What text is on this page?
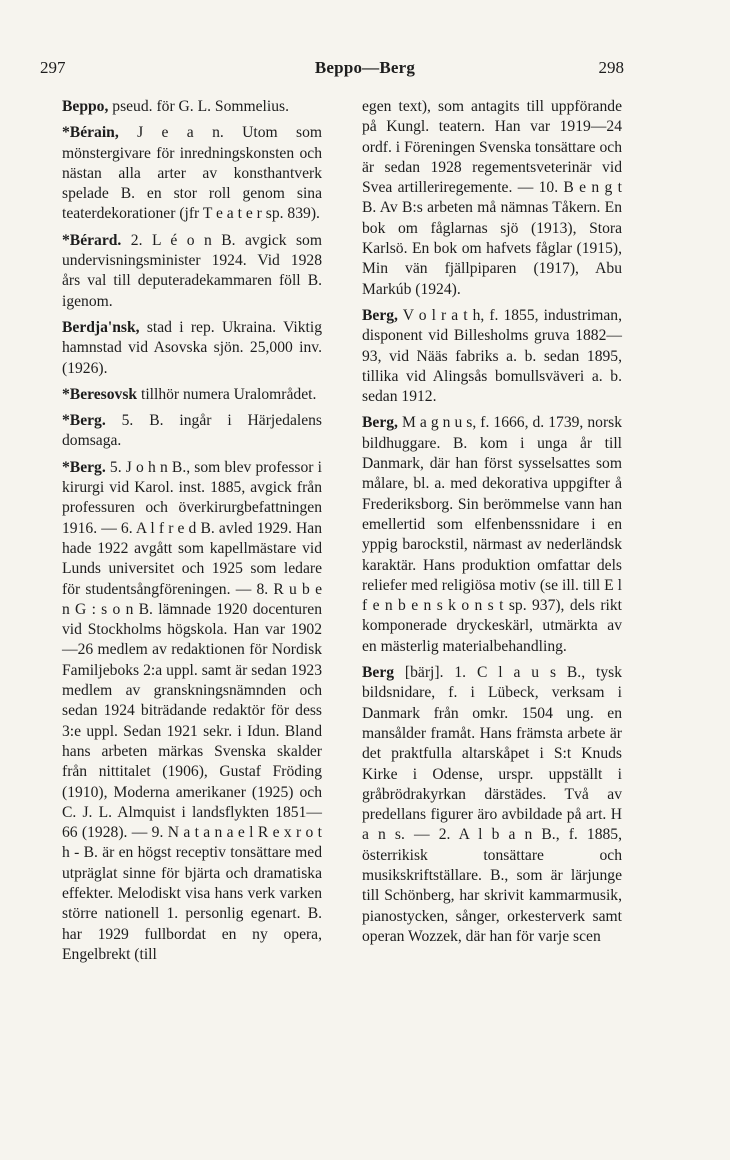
297	Beppo—Berg	298

Beppo, pseud. för G. L. Sommelius.

*Bérain, J e a n. Utom som mönstergivare för inredningskonsten och nästan alla arter av konsthantverk spelade B. en stor roll genom sina teaterdekorationer (jfr T e a t e r sp. 839).

*Bérard. 2. L é o n B. avgick som undervisningsminister 1924. Vid 1928 års val till deputeradekammaren föll B. igenom.

Berdja'nsk, stad i rep. Ukraina. Viktig hamnstad vid Asovska sjön. 25,000 inv. (1926).

*Beresovsk tillhör numera Uralområdet.

*Berg. 5. B. ingår i Härjedalens domsaga.

*Berg. 5. J o h n B., som blev professor i kirurgi vid Karol. inst. 1885, avgick från professuren och överkirurgbefattningen 1916. — 6. A l f r e d B. avled 1929. Han hade 1922 avgått som kapellmästare vid Lunds universitet och 1925 som ledare för studentsångföreningen. — 8. R u b e n G : s o n B. lämnade 1920 docenturen vid Stockholms högskola. Han var 1902—26 medlem av redaktionen för Nordisk Familjeboks 2:a uppl. samt är sedan 1923 medlem av granskningsnämnden och sedan 1924 biträdande redaktör för dess 3:e uppl. Sedan 1921 sekr. i Idun. Bland hans arbeten märkas Svenska skalder från nittitalet (1906), Gustaf Fröding (1910), Moderna amerikaner (1925) och C. J. L. Almquist i landsflykten 1851—66 (1928). — 9. N a t a n a e l R e x r o t h - B. är en högst receptiv tonsättare med utpräglat sinne för bjärta och dramatiska effekter. Melodiskt visa hans verk varken större nationell 1. personlig egenart. B. har 1929 fullbordat en ny opera, Engelbrekt (till

egen text), som antagits till uppförande på Kungl. teatern. Han var 1919—24 ordf. i Föreningen Svenska tonsättare och är sedan 1928 regementsveterinär vid Svea artilleriregemente. — 10. B e n g t B. Av B:s arbeten må nämnas Tåkern. En bok om fåglarnas sjö (1913), Stora Karlsö. En bok om hafvets fåglar (1915), Min vän fjällpiparen (1917), Abu Markúb (1924).

Berg, V o l r a t h, f. 1855, industriman, disponent vid Billesholms gruva 1882—93, vid Nääs fabriks a. b. sedan 1895, tillika vid Alingsås bomullsväveri a. b. sedan 1912.

Berg, M a g n u s, f. 1666, d. 1739, norsk bildhuggare. B. kom i unga år till Danmark, där han först sysselsattes som målare, bl. a. med dekorativa uppgifter å Frederiksborg. Sin berömmelse vann han emellertid som elfenbenssnidare i en yppig barockstil, närmast av nederländsk karaktär. Hans produktion omfattar dels reliefer med religiösa motiv (se ill. till E l f e n b e n s k o n s t sp. 937), dels rikt komponerade dryckeskärl, utmärkta av en mästerlig materialbehandling.

Berg [bärj]. 1. C l a u s B., tysk bildsnidare, f. i Lübeck, verksam i Danmark från omkr. 1504 ung. en mansålder framåt. Hans främsta arbete är det praktfulla altarskåpet i S:t Knuds Kirke i Odense, urspr. uppställt i gråbrödrakyrkan därstädes. Två av predellans figurer äro avbildade på art. H a n s. — 2. A l b a n B., f. 1885, österrikisk tonsättare och musikskriftställare. B., som är lärjunge till Schönberg, har skrivit kammarmusik, pianostycken, sånger, orkesterverk samt operan Wozzek, där han för varje scen
